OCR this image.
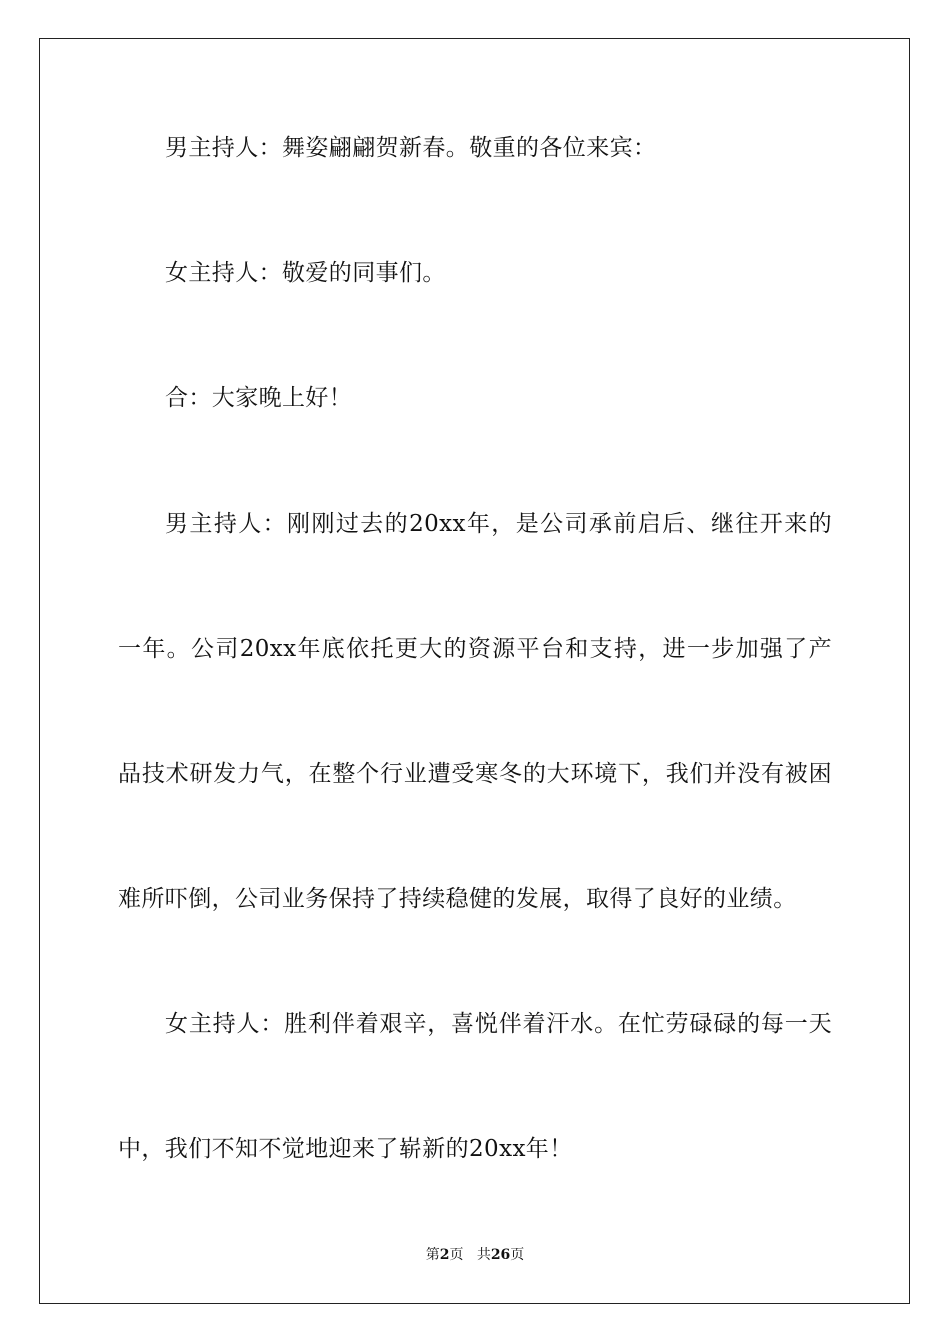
男主持人：舞姿翩翩贺新春。敬重的各位来宾：
女主持人：敬爱的同事们。
合：大家晚上好！
男主持人：刚刚过去的20xx年，是公司承前启后、继往开来的
一年。公司20xx年底依托更大的资源平台和支持，进一步加强了产
品技术研发力气，在整个行业遭受寒冬的大环境下，我们并没有被困
难所吓倒，公司业务保持了持续稳健的发展，取得了良好的业绩。
女主持人：胜利伴着艰辛，喜悦伴着汗水。在忙劳碌碌的每一天
中，我们不知不觉地迎来了崭新的20xx年！
第2页 共26页
